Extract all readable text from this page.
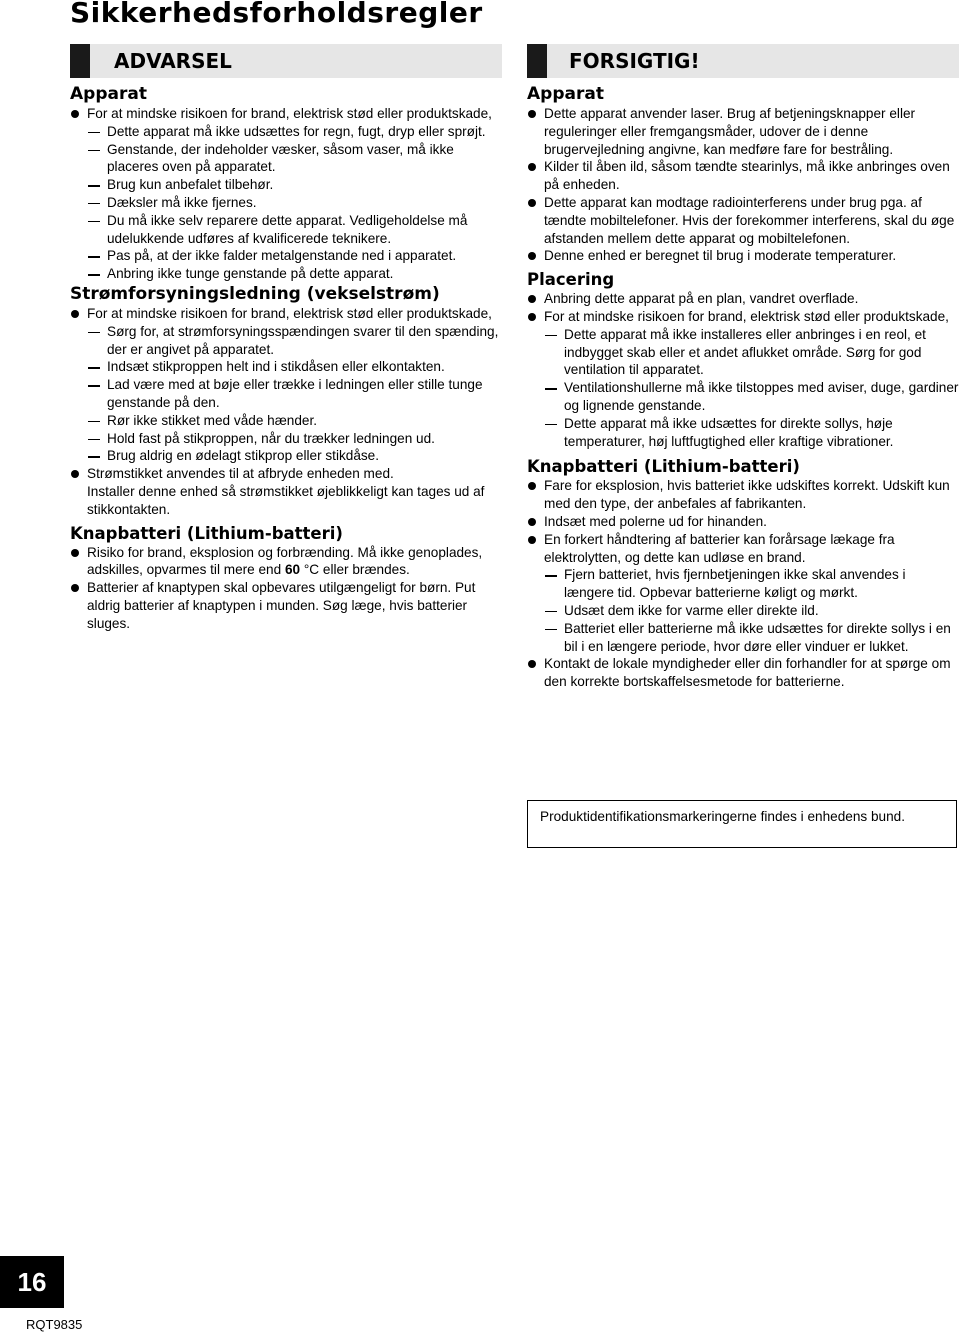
Sikkerhedsforholdsregler
ADVARSEL
Apparat
For at mindske risikoen for brand, elektrisk stød eller produktskade,
Dette apparat må ikke udsættes for regn, fugt, dryp eller sprøjt.
Genstande, der indeholder væsker, såsom vaser, må ikke placeres oven på apparatet.
Brug kun anbefalet tilbehør.
Dæksler må ikke fjernes.
Du må ikke selv reparere dette apparat. Vedligeholdelse må udelukkende udføres af kvalificerede teknikere.
Pas på, at der ikke falder metalgenstande ned i apparatet.
Anbring ikke tunge genstande på dette apparat.
Strømforsyningsledning (vekselstrøm)
For at mindske risikoen for brand, elektrisk stød eller produktskade,
Sørg for, at strømforsyningsspændingen svarer til den spænding, der er angivet på apparatet.
Indsæt stikproppen helt ind i stikdåsen eller elkontakten.
Lad være med at bøje eller trække i ledningen eller stille tunge genstande på den.
Rør ikke stikket med våde hænder.
Hold fast på stikproppen, når du trækker ledningen ud.
Brug aldrig en ødelagt stikprop eller stikdåse.
Strømstikket anvendes til at afbryde enheden med.
Installer denne enhed så strømstikket øjeblikkeligt kan tages ud af stikkontakten.
Knapbatteri (Lithium-batteri)
Risiko for brand, eksplosion og forbrænding. Må ikke genoplades, adskilles, opvarmes til mere end 60 °C eller brændes.
Batterier af knaptypen skal opbevares utilgængeligt for børn. Put aldrig batterier af knaptypen i munden. Søg læge, hvis batterier sluges.
FORSIGTIG!
Apparat
Dette apparat anvender laser. Brug af betjeningsknapper eller reguleringer eller fremgangsmåder, udover de i denne brugervejledning angivne, kan medføre fare for bestråling.
Kilder til åben ild, såsom tændte stearinlys, må ikke anbringes oven på enheden.
Dette apparat kan modtage radiointerferens under brug pga. af tændte mobiltelefoner. Hvis der forekommer interferens, skal du øge afstanden mellem dette apparat og mobiltelefonen.
Denne enhed er beregnet til brug i moderate temperaturer.
Placering
Anbring dette apparat på en plan, vandret overflade.
For at mindske risikoen for brand, elektrisk stød eller produktskade,
Dette apparat må ikke installeres eller anbringes i en reol, et indbygget skab eller et andet aflukket område. Sørg for god ventilation til apparatet.
Ventilationshullerne må ikke tilstoppes med aviser, duge, gardiner og lignende genstande.
Dette apparat må ikke udsættes for direkte sollys, høje temperaturer, høj luftfugtighed eller kraftige vibrationer.
Knapbatteri (Lithium-batteri)
Fare for eksplosion, hvis batteriet ikke udskiftes korrekt. Udskift kun med den type, der anbefales af fabrikanten.
Indsæt med polerne ud for hinanden.
En forkert håndtering af batterier kan forårsage lækage fra elektrolytten, og dette kan udløse en brand.
Fjern batteriet, hvis fjernbetjeningen ikke skal anvendes i længere tid. Opbevar batterierne køligt og mørkt.
Udsæt dem ikke for varme eller direkte ild.
Batteriet eller batterierne må ikke udsættes for direkte sollys i en bil i en længere periode, hvor døre eller vinduer er lukket.
Kontakt de lokale myndigheder eller din forhandler for at spørge om den korrekte bortskaffelsesmetode for batterierne.
Produktidentifikationsmarkeringerne findes i enhedens bund.
16
RQT9835
